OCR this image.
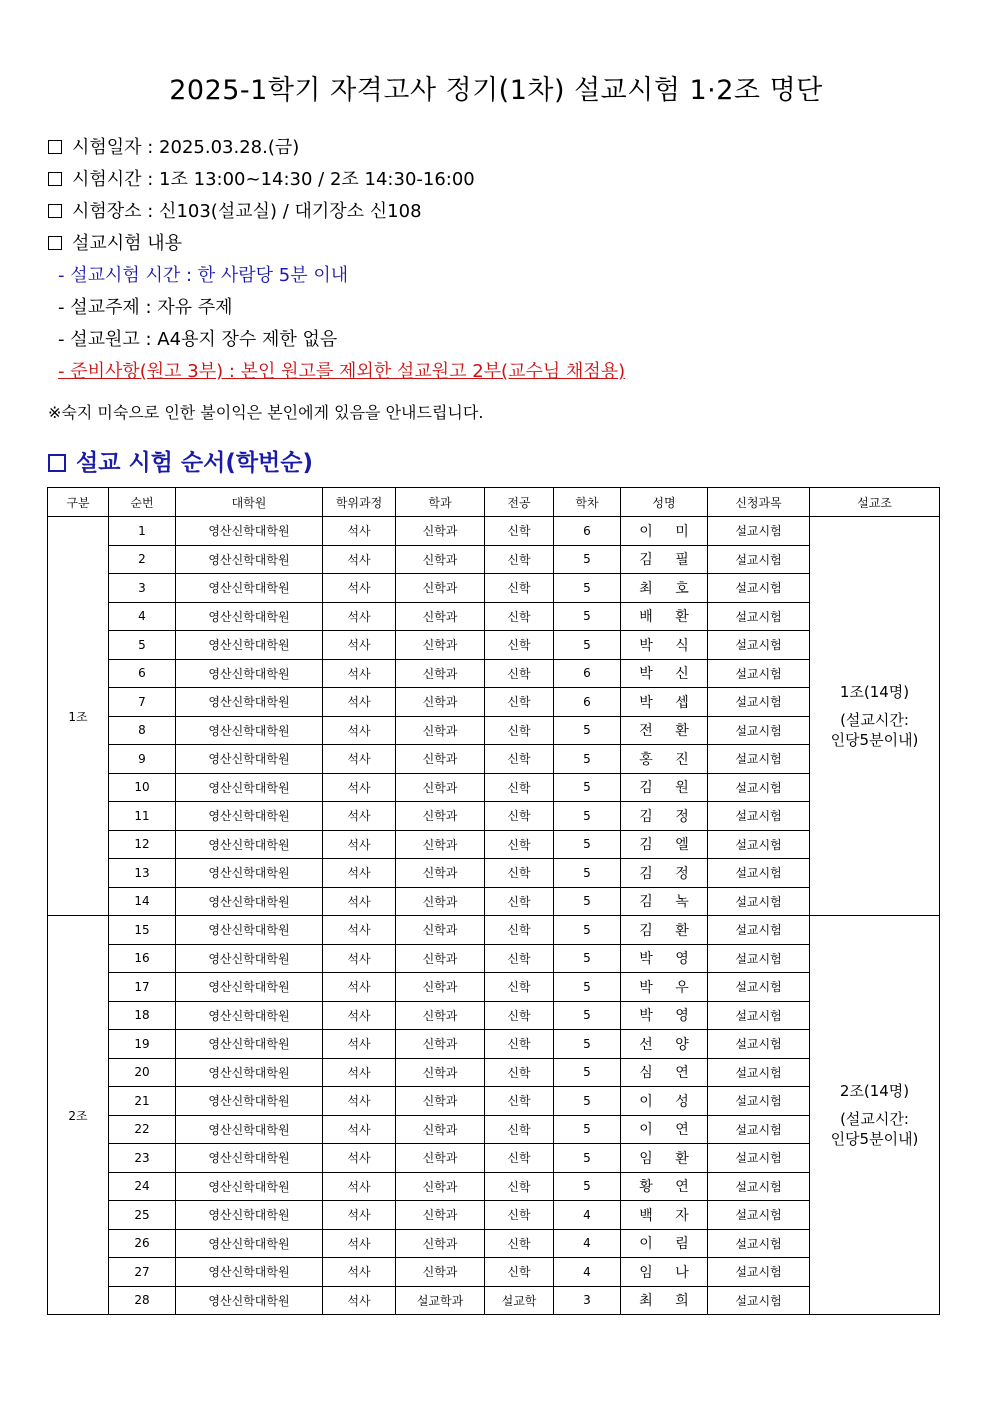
2025-1학기 자격고사 정기(1차) 설교시험 1·2조 명단
시험일자 : 2025.03.28.(금)
시험시간 : 1조 13:00~14:30 / 2조 14:30-16:00
시험장소 : 신103(설교실) / 대기장소 신108
설교시험 내용
- 설교시험 시간 : 한 사람당 5분 이내
- 설교주제 : 자유 주제
- 설교원고 : A4용지 장수 제한 없음
- 준비사항(원고 3부) : 본인 원고를 제외한 설교원고 2부(교수님 채점용)
※숙지 미숙으로 인한 불이익은 본인에게 있음을 안내드립니다.
설교 시험 순서(학번순)
구분	순번	대학원	학위과정	학과	전공	학차	성명	신청과목	설교조
1조	1	영산신학대학원	석사	신학과	신학	6	이 미	설교시험	1조(14명)
(설교시간:
인당5분이내)

	2	영산신학대학원	석사	신학과	신학	5	김 필	설교시험	
	3	영산신학대학원	석사	신학과	신학	5	최 호	설교시험	
	4	영산신학대학원	석사	신학과	신학	5	배 환	설교시험	
	5	영산신학대학원	석사	신학과	신학	5	박 식	설교시험	
	6	영산신학대학원	석사	신학과	신학	6	박 신	설교시험	
	7	영산신학대학원	석사	신학과	신학	6	박 셉	설교시험	
	8	영산신학대학원	석사	신학과	신학	5	전 환	설교시험	
	9	영산신학대학원	석사	신학과	신학	5	홍 진	설교시험	
	10	영산신학대학원	석사	신학과	신학	5	김 원	설교시험	
	11	영산신학대학원	석사	신학과	신학	5	김 정	설교시험	
	12	영산신학대학원	석사	신학과	신학	5	김 엘	설교시험	
	13	영산신학대학원	석사	신학과	신학	5	김 정	설교시험	
	14	영산신학대학원	석사	신학과	신학	5	김 녹	설교시험	
2조	15	영산신학대학원	석사	신학과	신학	5	김 환	설교시험	2조(14명)
(설교시간:
인당5분이내)

	16	영산신학대학원	석사	신학과	신학	5	박 영	설교시험	
	17	영산신학대학원	석사	신학과	신학	5	박 우	설교시험	
	18	영산신학대학원	석사	신학과	신학	5	박 영	설교시험	
	19	영산신학대학원	석사	신학과	신학	5	선 양	설교시험	
	20	영산신학대학원	석사	신학과	신학	5	심 연	설교시험	
	21	영산신학대학원	석사	신학과	신학	5	이 성	설교시험	
	22	영산신학대학원	석사	신학과	신학	5	이 연	설교시험	
	23	영산신학대학원	석사	신학과	신학	5	임 환	설교시험	
	24	영산신학대학원	석사	신학과	신학	5	황 연	설교시험	
	25	영산신학대학원	석사	신학과	신학	4	백 자	설교시험	
	26	영산신학대학원	석사	신학과	신학	4	이 림	설교시험	
	27	영산신학대학원	석사	신학과	신학	4	임 나	설교시험	
	28	영산신학대학원	석사	설교학과	설교학	3	최 희	설교시험	
